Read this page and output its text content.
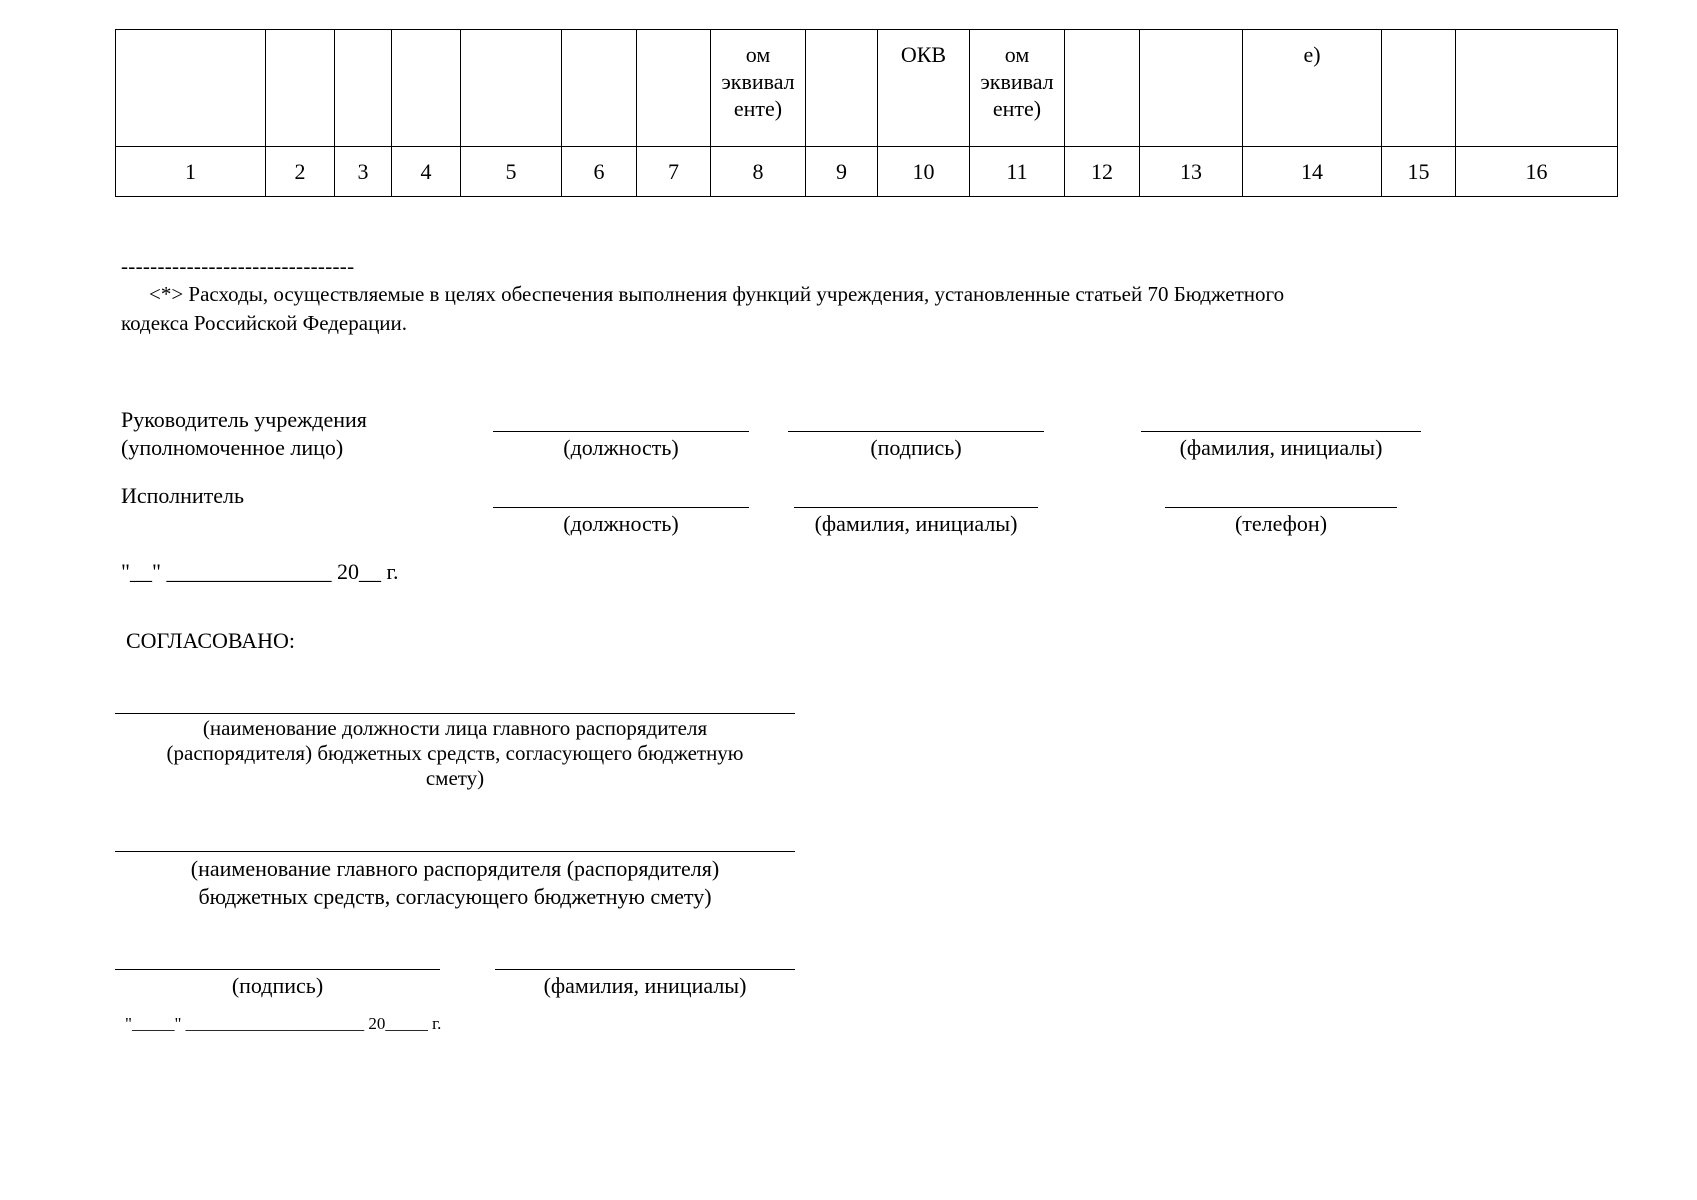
							ом
эквивал
енте)		ОКВ	ом
эквивал
енте)			е)		
1	2	3	4	5	6	7	8	9	10	11	12	13	14	15	16
--------------------------------
<*> Расходы, осуществляемые в целях обеспечения выполнения функций учреждения, установленные статьей 70 Бюджетного
кодекса Российской Федерации.
Руководитель учреждения
(уполномоченное лицо)	(должность)	(подпись)	(фамилия, инициалы)
Исполнитель
(должность)	(фамилия, инициалы)	(телефон)
"__" _______________ 20__ г.
СОГЛАСОВАНО:
(наименование должности лица главного распорядителя
(распорядителя) бюджетных средств, согласующего бюджетную
смету)
(наименование главного распорядителя (распорядителя)
бюджетных средств, согласующего бюджетную смету)
(подпись)	(фамилия, инициалы)
"_____" _____________________ 20_____ г.
